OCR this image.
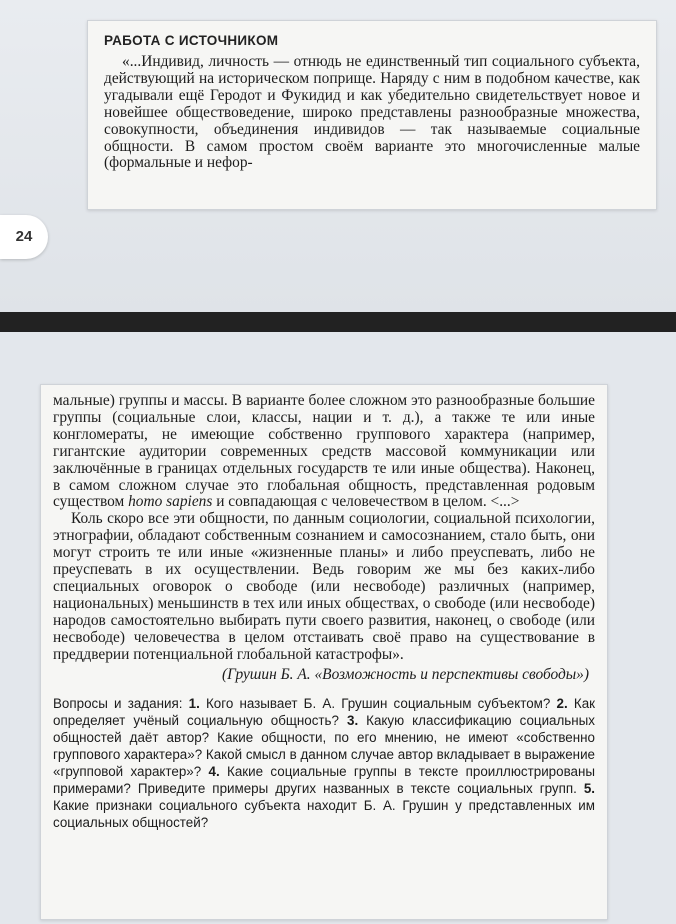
РАБОТА С ИСТОЧНИКОМ

«...Индивид, личность — отнюдь не единственный тип социального субъекта, действующий на историческом поприще. Наряду с ним в подобном качестве, как угадывали ещё Геродот и Фукидид и как убедительно свидетельствует новое и новейшее обществоведение, широко представлены разнообразные множества, совокупности, объединения индивидов — так называемые социальные общности. В самом простом своём варианте это многочисленные малые (формальные и нефор-

24

мальные) группы и массы. В варианте более сложном это разнообразные большие группы (социальные слои, классы, нации и т. д.), а также те или иные конгломераты, не имеющие собственно группового характера (например, гигантские аудитории современных средств массовой коммуникации или заключённые в границах отдельных государств те или иные общества). Наконец, в самом сложном случае это глобальная общность, представленная родовым существом homo sapiens и совпадающая с человечеством в целом. <...>

Коль скоро все эти общности, по данным социологии, социальной психологии, этнографии, обладают собственным сознанием и самосознанием, стало быть, они могут строить те или иные «жизненные планы» и либо преуспевать, либо не преуспевать в их осуществлении. Ведь говорим же мы без каких-либо специальных оговорок о свободе (или несвободе) различных (например, национальных) меньшинств в тех или иных обществах, о свободе (или несвободе) народов самостоятельно выбирать пути своего развития, наконец, о свободе (или несвободе) человечества в целом отстаивать своё право на существование в преддверии потенциальной глобальной катастрофы».

(Грушин Б. А. «Возможность и перспективы свободы»)

Вопросы и задания: 1. Кого называет Б. А. Грушин социальным субъектом? 2. Как определяет учёный социальную общность? 3. Какую классификацию социальных общностей даёт автор? Какие общности, по его мнению, не имеют «собственно группового характера»? Какой смысл в данном случае автор вкладывает в выражение «групповой характер»? 4. Какие социальные группы в тексте проиллюстрированы примерами? Приведите примеры других названных в тексте социальных групп. 5. Какие признаки социального субъекта находит Б. А. Грушин у представленных им социальных общностей?
